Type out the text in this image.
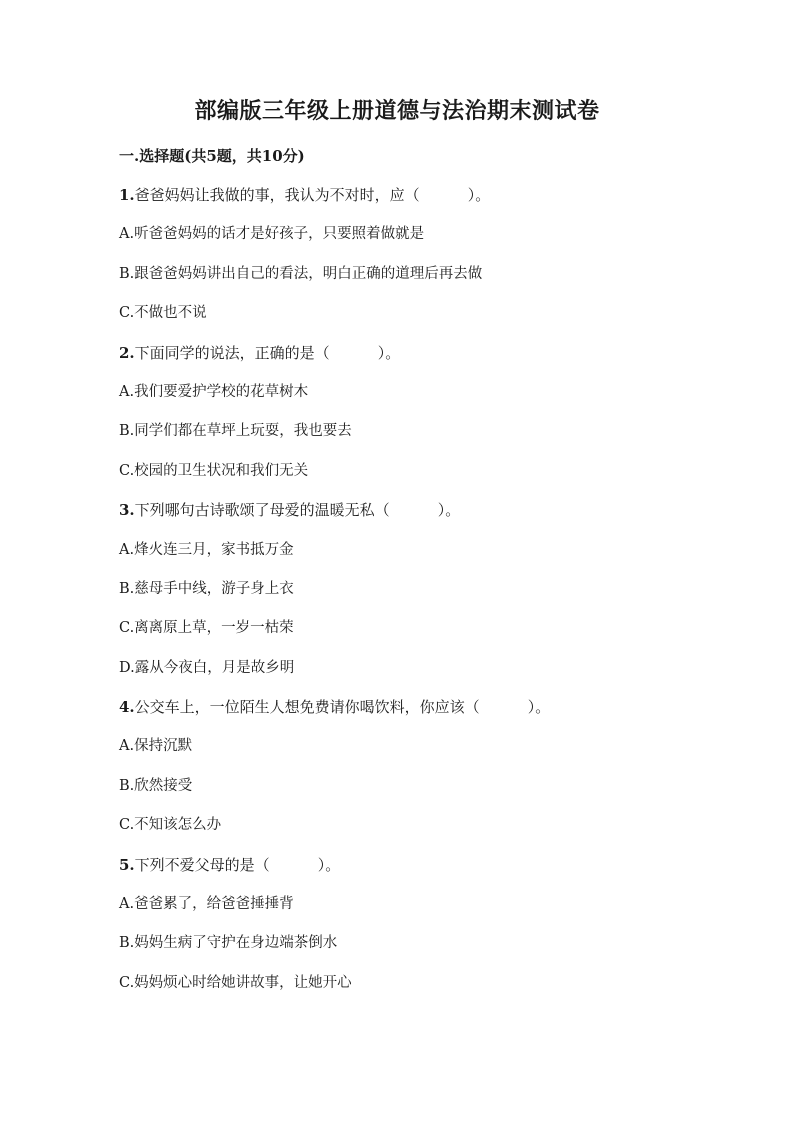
部编版三年级上册道德与法治期末测试卷
一.选择题(共5题，共10分)
1.爸爸妈妈让我做的事，我认为不对时，应（	）。
A.听爸爸妈妈的话才是好孩子，只要照着做就是
B.跟爸爸妈妈讲出自己的看法，明白正确的道理后再去做
C.不做也不说
2.下面同学的说法，正确的是（	）。
A.我们要爱护学校的花草树木
B.同学们都在草坪上玩耍，我也要去
C.校园的卫生状况和我们无关
3.下列哪句古诗歌颂了母爱的温暖无私（	）。
A.烽火连三月，家书抵万金
B.慈母手中线，游子身上衣
C.离离原上草，一岁一枯荣
D.露从今夜白，月是故乡明
4.公交车上，一位陌生人想免费请你喝饮料，你应该（	）。
A.保持沉默
B.欣然接受
C.不知该怎么办
5.下列不爱父母的是（	）。
A.爸爸累了，给爸爸捶捶背
B.妈妈生病了守护在身边端茶倒水
C.妈妈烦心时给她讲故事，让她开心
